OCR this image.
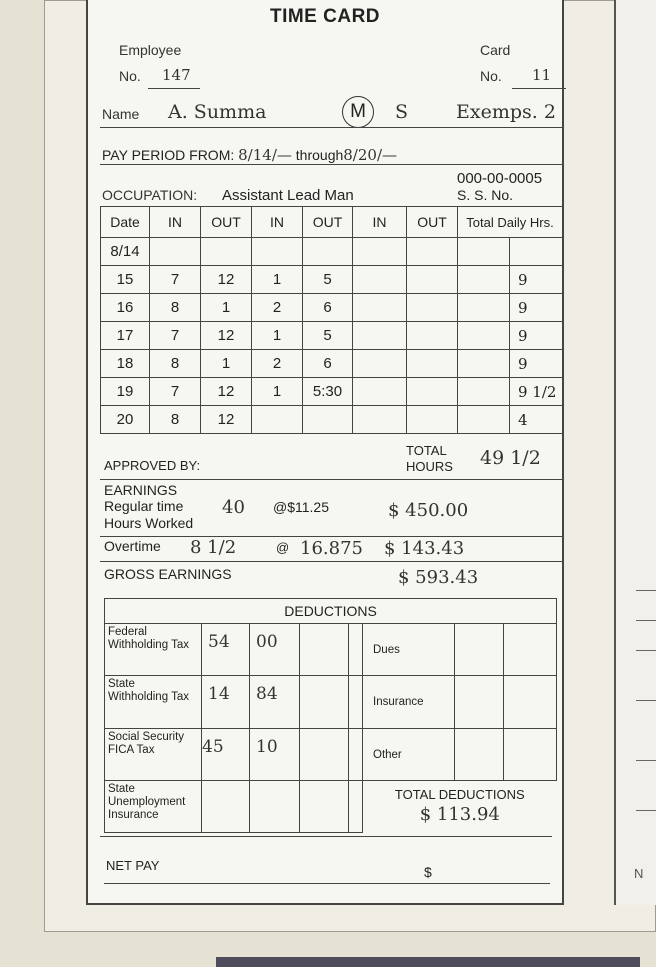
N
TIME CARD
Employee
No. 147
Card
No. 11
Name A. Summa	M	S	Exemps. 2
PAY PERIOD FROM: 8/14/— through8/20/—
000-00-0005
S. S. No.
OCCUPATION: Assistant Lead Man
Date	IN	OUT	IN	OUT	IN	OUT	Total Daily Hrs.	
8/14								
15	7	12	1	5				9
16	8	1	2	6				9
17	7	12	1	5				9
18	8	1	2	6				9
19	7	12	1	5:30				9 1/2
20	8	12						4
APPROVED BY:
TOTAL HOURS	49 1/2
EARNINGS
Regular time
Hours Worked
40 @$11.25	$ 450.00
Overtime 8 1/2	@ 16.875 $ 143.43
GROSS EARNINGS	$ 593.43
DEDUCTIONS							
Federal Withholding Tax	54	00			Dues		
State Withholding Tax	14	84			Insurance		
Social Security FICA Tax	45	10			Other		
State Unemployment Insurance					TOTAL DEDUCTIONS
$ 113.94		
NET PAY	$
